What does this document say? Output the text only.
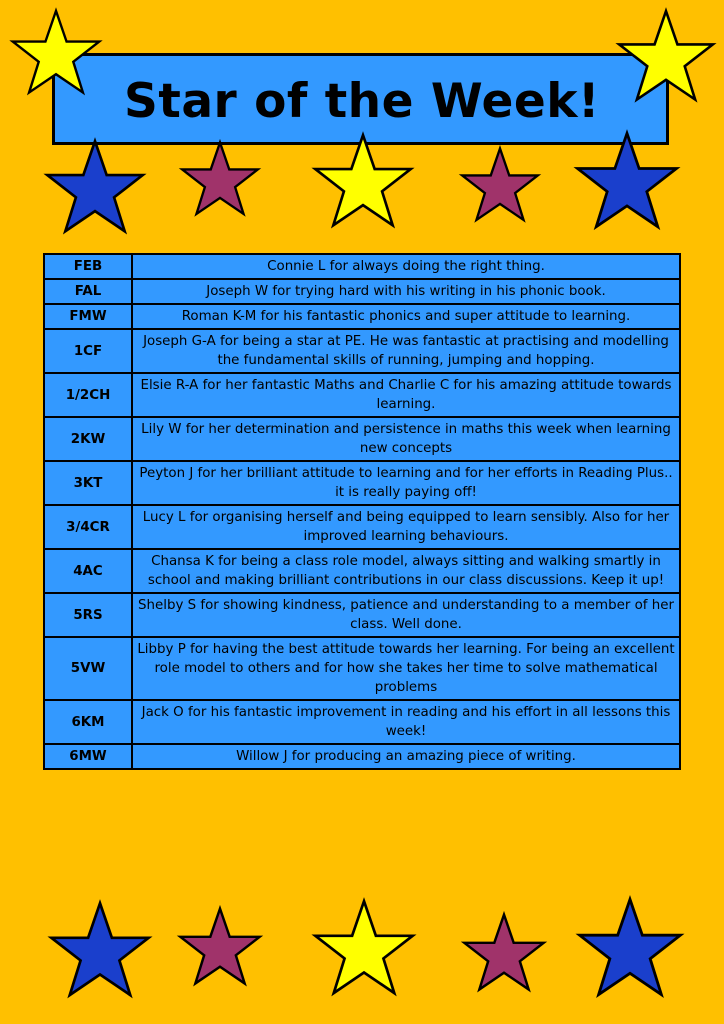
Star of the Week!
FEB	Connie L for always doing the right thing.
FAL	Joseph W for trying hard with his writing in his phonic book.
FMW	Roman K-M for his fantastic phonics and super attitude to learning.
1CF	Joseph G-A for being a star at PE. He was fantastic at practising and modelling the fundamental skills of running, jumping and hopping.
1/2CH	Elsie R-A for her fantastic Maths and Charlie C for his amazing attitude towards learning.
2KW	Lily W for her determination and persistence in maths this week when learning new concepts
3KT	Peyton J for her brilliant attitude to learning and for her efforts in Reading Plus.. it is really paying off!
3/4CR	Lucy L for organising herself and being equipped to learn sensibly. Also for her improved learning behaviours.
4AC	Chansa K for being a class role model, always sitting and walking smartly in school and making brilliant contributions in our class discussions. Keep it up!
5RS	Shelby S for showing kindness, patience and understanding to a member of her class. Well done.
5VW	Libby P for having the best attitude towards her learning. For being an excellent role model to others and for how she takes her time to solve mathematical problems
6KM	Jack O for his fantastic improvement in reading and his effort in all lessons this week!
6MW	Willow J for producing an amazing piece of writing.
